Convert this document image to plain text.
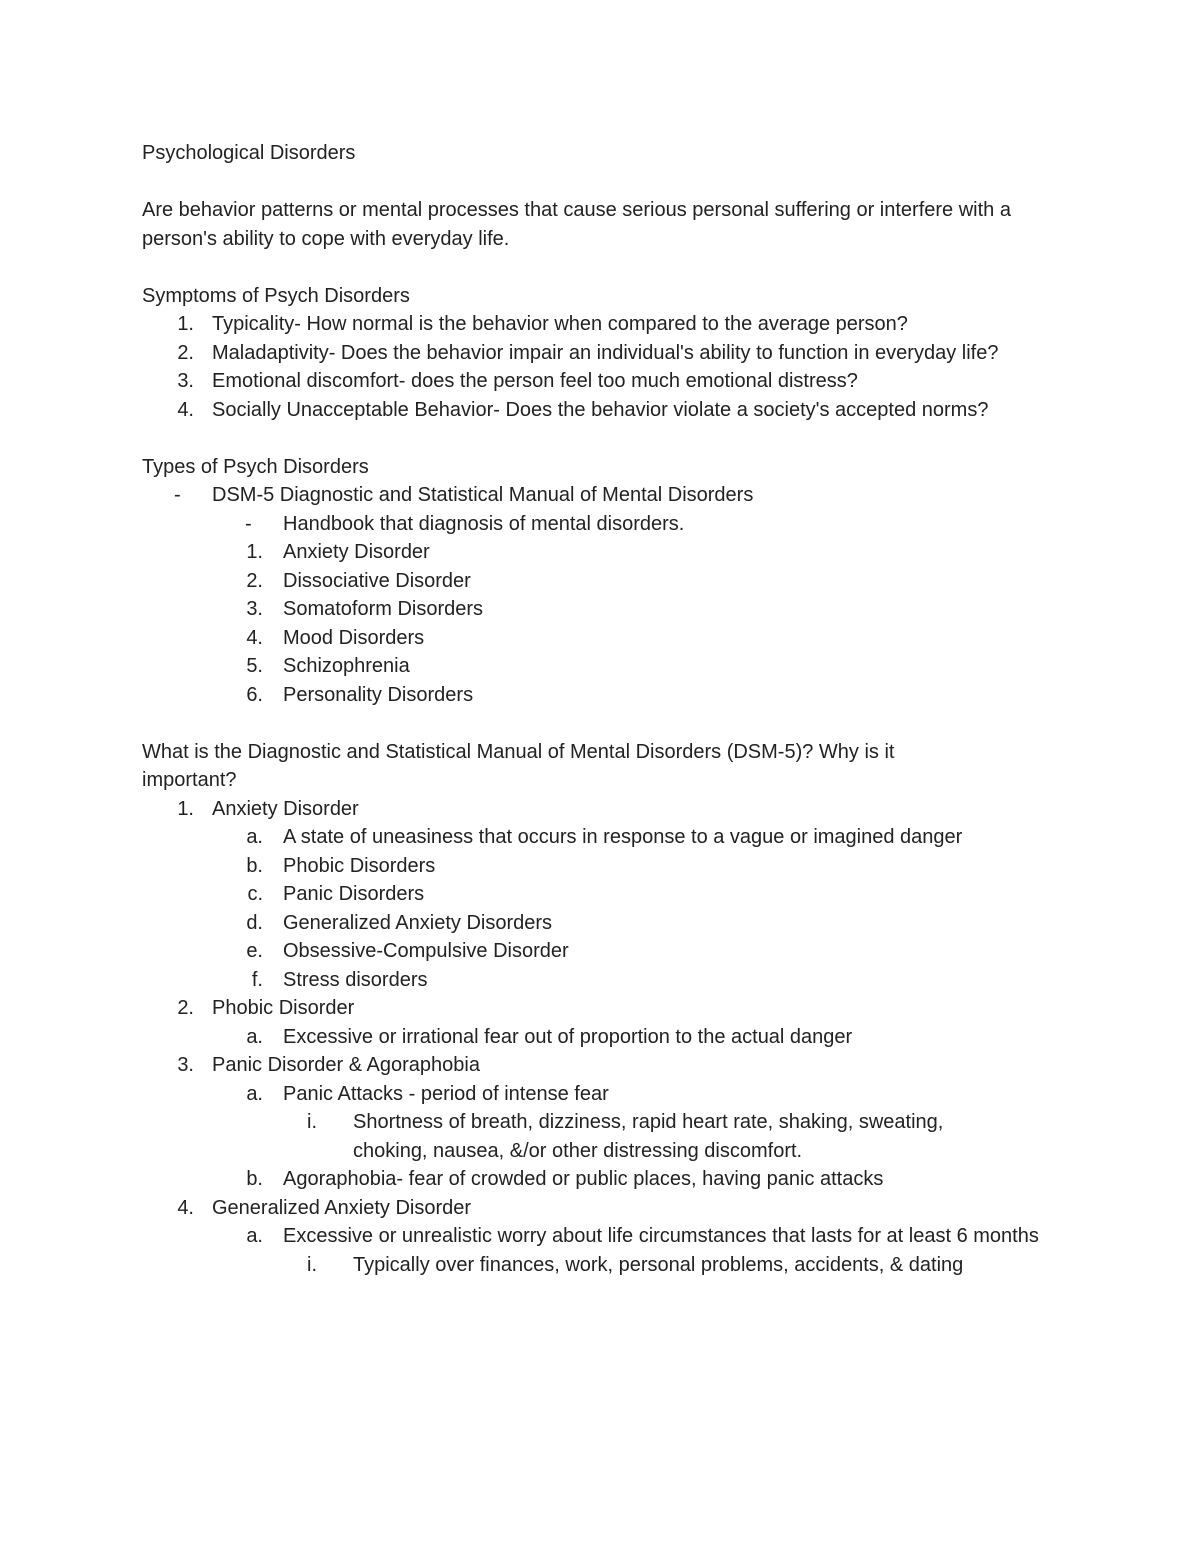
Psychological Disorders
Are behavior patterns or mental processes that cause serious personal suffering or interfere with a person's ability to cope with everyday life.
Symptoms of Psych Disorders
1. Typicality- How normal is the behavior when compared to the average person?
2. Maladaptivity- Does the behavior impair an individual's ability to function in everyday life?
3. Emotional discomfort- does the person feel too much emotional distress?
4. Socially Unacceptable Behavior- Does the behavior violate a society's accepted norms?
Types of Psych Disorders
-	DSM-5 Diagnostic and Statistical Manual of Mental Disorders
-	Handbook that diagnosis of mental disorders.
1. Anxiety Disorder
2. Dissociative Disorder
3. Somatoform Disorders
4. Mood Disorders
5. Schizophrenia
6. Personality Disorders
What is the Diagnostic and Statistical Manual of Mental Disorders (DSM-5)? Why is it important?
1. Anxiety Disorder
a. A state of uneasiness that occurs in response to a vague or imagined danger
b. Phobic Disorders
c. Panic Disorders
d. Generalized Anxiety Disorders
e. Obsessive-Compulsive Disorder
f. Stress disorders
2. Phobic Disorder
a. Excessive or irrational fear out of proportion to the actual danger
3. Panic Disorder & Agoraphobia
a. Panic Attacks - period of intense fear
i. Shortness of breath, dizziness, rapid heart rate, shaking, sweating, choking, nausea, &/or other distressing discomfort.
b. Agoraphobia- fear of crowded or public places, having panic attacks
4. Generalized Anxiety Disorder
a. Excessive or unrealistic worry about life circumstances that lasts for at least 6 months
i. Typically over finances, work, personal problems, accidents, & dating
